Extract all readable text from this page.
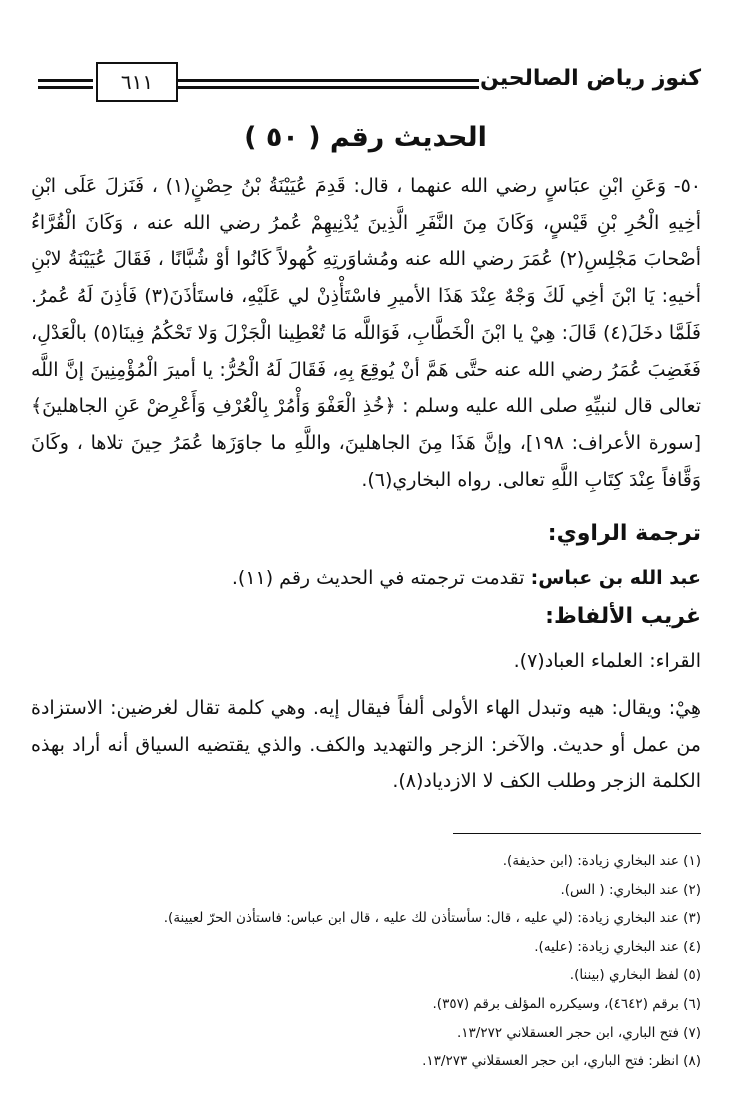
كنوز رياض الصالحين
٦١١
الحديث رقم ( ٥٠ )
٥٠- وَعَنِ ابْنِ عبَاسٍ رضي الله عنهما ، قال: قَدِمَ عُيَيْنَةُ بْنُ حِصْنٍ(١) ، فَنَزلَ عَلَى ابْنِ أخِيهِ الْحُرِ بْنِ قَيْسٍ، وَكَانَ مِنَ النَّفَرِ الَّذِينَ يُدْنِيهِمْ عُمرُ رضي الله عنه ، وَكَانَ الْقُرَّاءُ أصْحابَ مَجْلِسِ(٢) عُمَرَ رضي الله عنه ومُشاوَرتِهِ كُهولاً كَانُوا أوْ شُبَّانًا ، فَقَالَ عُيَيْنَةُ لابْنِ أخيهِ: يَا ابْنَ أخِي لَكَ وَجْهٌ عِنْدَ هَذَا الأميرِ فاسْتَأْذِنْ لي عَلَيْهِ، فاستَأذَنَ(٣) فَأذِنَ لَهُ عُمرُ. فَلَمَّا دخَلَ(٤) قَالَ: هِيْ يا ابْنَ الْخَطَّابِ، فَوَاللَّه مَا تُعْطِينا الْجَزْلَ وَلا تَحْكُمُ فِينَا(٥) بالْعَدْلِ، فَغَضِبَ عُمَرُ رضي الله عنه حتَّى هَمَّ أنْ يُوقِعَ بِهِ، فَقَالَ لَهُ الْحُرُّ: يا أميرَ الْمُؤْمِنِينَ إنَّ اللَّه تعالى قال لنبيِّهِ صلى الله عليه وسلم : ﴿خُذِ الْعَفْوَ وَأْمُرْ بِالْعُرْفِ وَأَعْرِضْ عَنِ الجاهلينَ﴾[سورة الأعراف: ١٩٨]، وإنَّ هَذَا مِنَ الجاهلينَ، واللَّهِ ما جاوَزَها عُمَرُ حِينَ تلاها ، وكَانَ وَقَّافاً عِنْدَ كِتَابِ اللَّهِ تعالى. رواه البخاري(٦).
ترجمة الراوي:
عبد الله بن عباس: تقدمت ترجمته في الحديث رقم (١١).
غريب الألفاظ:
القراء: العلماء العباد(٧).
هِيْ: ويقال: هيه وتبدل الهاء الأولى ألفاً فيقال إيه. وهي كلمة تقال لغرضين: الاستزادة من عمل أو حديث. والآخر: الزجر والتهديد والكف. والذي يقتضيه السياق أنه أراد بهذه الكلمة الزجر وطلب الكف لا الازدياد(٨).
(١) عند البخاري زيادة: (ابن حذيفة).
(٢) عند البخاري: ( الس).
(٣) عند البخاري زيادة: (لي عليه ، قال: سأستأذن لك عليه ، قال ابن عباس: فاستأذن الحرّ لعيينة).
(٤) عند البخاري زيادة: (عليه).
(٥) لفظ البخاري (بيننا).
(٦) برقم (٤٦٤٢)، وسيكرره المؤلف برقم (٣٥٧).
(٧) فتح الباري، ابن حجر العسقلاني ١٣/٢٧٢.
(٨) انظر: فتح الباري، ابن حجر العسقلاني ١٣/٢٧٣.
